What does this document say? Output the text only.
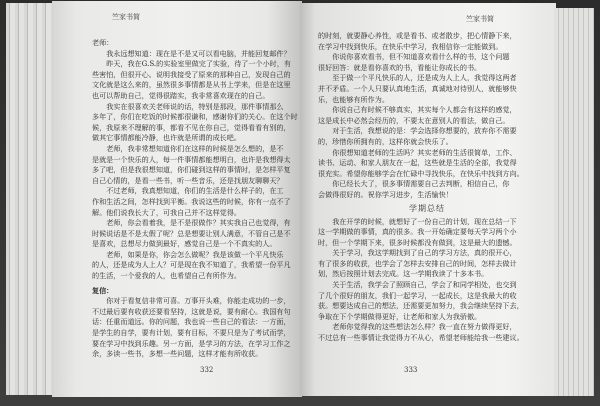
竺家书简	竺家书简
老师：
我永远想知道：现在是不是又可以看电脑，并能回复邮件？
昨天，我在G.S.的实验室里做完了实验，待了一个小时，有
些害怕，但很开心。说明我接受了原来的那种自己，发现自己的
文化就是这么来的，虽然很多事情都是从书上学来，但是在这里
也可以帮助自己，觉得很踏实，我非常喜欢现在的自己。
我实在很喜欢关老师说的话，特别是那段，那件事情那么
多年了，你们在吃饭的时候都很谦和，感谢你们的关心。在这个时
候，我原来不理解的事，都看不见在你自己，觉得看看有别的，
做其它事情都能冷静，也许就是所谓的成长吧。
老师，我非常想知道你们在这样的时候是怎么想的，是不
是就是一个快乐的人，每一件事情都能想明白，也许是我想得太
多了吧，但是我很想知道，你们碰到这样的事情时，是怎样平复
自己心情的，是看一些书，听一些音乐，还是找朋友聊聊天？
不过老师，我真想知道，你们的生活是什么样子的，在工
作和生活之间，怎样找到平衡。我说这些的时候，你有一点不了
解。他们说我长大了，可我自己并不这样觉得。
老师，你会看着我，是不是很做作？其实我自己也觉得，有
时候说话是不是太假了呢？总是想要让别人满意，不管自己是不
是喜欢，总想尽力做到最好，感觉自己是一个不真实的人。
老师，如果是你，你会怎么做呢？我是该做一个平凡快乐
的人，还是成为人上人？可是现在我不知道了，我希望一份平凡
的生活，一个爱我的人，也希望自己有所作为。
复信：
你对于看复信非常可喜。万事开头难，你能走成功的一步，
不过最后要有收获还要看坚持，这就是说，要有耐心。我国有句
话：任重而道远。你的问题，我也说一些自己的看法：一方面，
是学生的自学，要有计划，要有目标，不要只是为了考试而学，
要在学习中找到乐趣。另一方面，是学习的方法，在学习工作之
余，多读一些书，多想一些问题，这样才能有所收获。
的时刻，就要静心养性，或是看书、或者散步，把心情静下来，
在学习中找到快乐，在快乐中学习，我相信你一定能做到。
你说你喜欢看书，但不知道喜欢看什么样的书，这个问题
很好回答：就是看你喜欢的书，看能让你成长的书。
至于做一个平凡快乐的人，还是成为人上人，我觉得这两者
并不矛盾。一个人只要认真地生活，真诚地对待别人，就能够快
乐，也能够有所作为。
你说自己有时候不够真实，其实每个人都会有这样的感觉，
这是成长中必然会经历的，不要太在意别人的看法，做自己。
对于生活，我想说的是：学会选择你想要的，放弃你不需要
的，珍惜你所拥有的，这样你就会快乐了。
你很想知道老师的生活吗？其实老师的生活很简单，工作、
读书、运动、和家人朋友在一起，这些就是生活的全部，我觉得
很充实。希望你能够学会在忙碌中寻找快乐，在快乐中找到方向。
你已经长大了，很多事情需要自己去判断，相信自己，你
会做得很好的。祝你学习进步，生活愉快！
学期总结
我在开学的时候，就想好了一份自己的计划，现在总结一下
这一学期做的事情，真的很多。我一开始确定要每天学习两个小
时，但一个学期下来，很多时候都没有做到，这是最大的遗憾。
关于学习，我这学期找到了自己的学习方法，真的很开心，
有了很多的收获，也学会了怎样去安排自己的时间，怎样去做计
划，然后按照计划去完成。这一学期我读了十多本书。
关于生活，我学会了照顾自己，学会了和同学相处，也交到
了几个很好的朋友，我们一起学习，一起成长，这是我最大的收
获。想要达成自己的想法，还需要更加努力，我会继续坚持下去，
争取在下个学期做得更好，让老师和家人为我骄傲。
老师你觉得我的这些想法怎么样？我一直在努力做得更好，
不过总有一些事情让我觉得力不从心，希望老师能给我一些建议。
332	333
